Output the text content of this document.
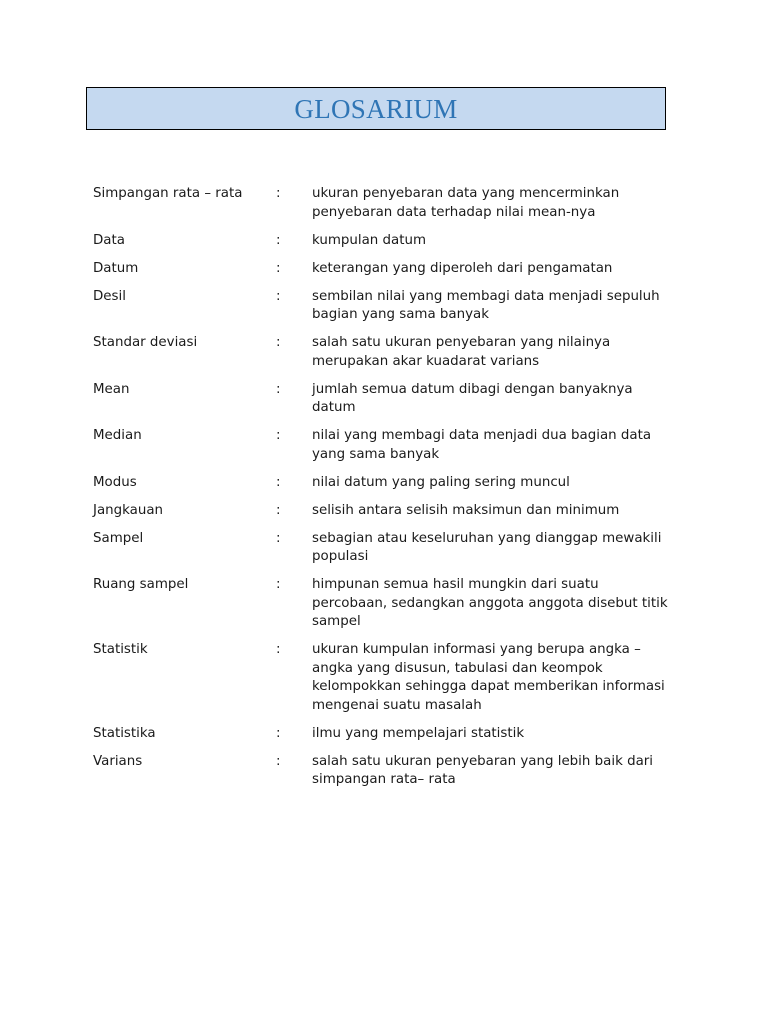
GLOSARIUM
Simpangan rata – rata	: ukuran penyebaran data yang mencerminkan penyebaran data terhadap nilai mean-nya
Data	: kumpulan datum
Datum	: keterangan yang diperoleh dari pengamatan
Desil	: sembilan nilai yang membagi data menjadi sepuluh bagian yang sama banyak
Standar deviasi	: salah satu ukuran penyebaran yang nilainya merupakan akar kuadarat varians
Mean	: jumlah semua datum dibagi dengan banyaknya datum
Median	: nilai yang membagi data menjadi dua bagian data yang sama banyak
Modus	: nilai datum yang paling sering muncul
Jangkauan	: selisih antara selisih maksimun dan minimum
Sampel	: sebagian atau keseluruhan yang dianggap mewakili populasi
Ruang sampel	: himpunan semua hasil mungkin dari suatu percobaan, sedangkan anggota anggota disebut titik sampel
Statistik	: ukuran kumpulan informasi yang berupa angka – angka yang disusun, tabulasi dan keompok kelompokkan sehingga dapat memberikan informasi mengenai suatu masalah
Statistika	: ilmu yang mempelajari statistik
Varians	: salah satu ukuran penyebaran yang lebih baik dari simpangan rata– rata
